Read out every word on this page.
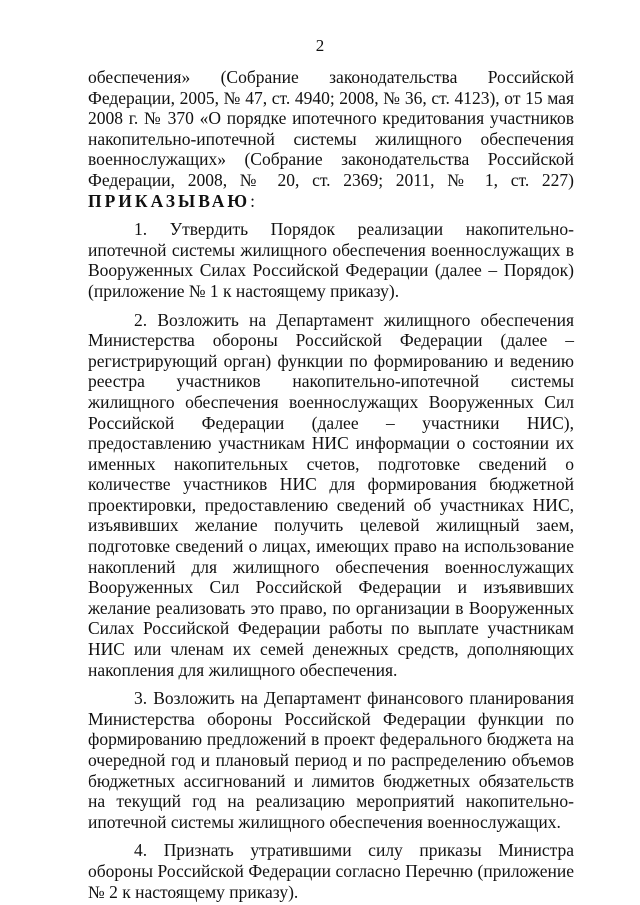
2

обеспечения» (Собрание законодательства Российской Федерации, 2005, № 47, ст. 4940; 2008, № 36, ст. 4123), от 15 мая 2008 г. № 370 «О порядке ипотечного кредитования участников накопительно-ипотечной системы жилищного обеспечения военнослужащих» (Собрание законодательства Российской Федерации, 2008, № 20, ст. 2369; 2011, № 1, ст. 227) ПРИКАЗЫВАЮ:

1. Утвердить Порядок реализации накопительно-ипотечной системы жилищного обеспечения военнослужащих в Вооруженных Силах Российской Федерации (далее – Порядок) (приложение № 1 к настоящему приказу).

2. Возложить на Департамент жилищного обеспечения Министерства обороны Российской Федерации (далее – регистрирующий орган) функции по формированию и ведению реестра участников накопительно-ипотечной системы жилищного обеспечения военнослужащих Вооруженных Сил Российской Федерации (далее – участники НИС), предоставлению участникам НИС информации о состоянии их именных накопительных счетов, подготовке сведений о количестве участников НИС для формирования бюджетной проектировки, предоставлению сведений об участниках НИС, изъявивших желание получить целевой жилищный заем, подготовке сведений о лицах, имеющих право на использование накоплений для жилищного обеспечения военнослужащих Вооруженных Сил Российской Федерации и изъявивших желание реализовать это право, по организации в Вооруженных Силах Российской Федерации работы по выплате участникам НИС или членам их семей денежных средств, дополняющих накопления для жилищного обеспечения.

3. Возложить на Департамент финансового планирования Министерства обороны Российской Федерации функции по формированию предложений в проект федерального бюджета на очередной год и плановый период и по распределению объемов бюджетных ассигнований и лимитов бюджетных обязательств на текущий год на реализацию мероприятий накопительно-ипотечной системы жилищного обеспечения военнослужащих.

4. Признать утратившими силу приказы Министра обороны Российской Федерации согласно Перечню (приложение № 2 к настоящему приказу).
